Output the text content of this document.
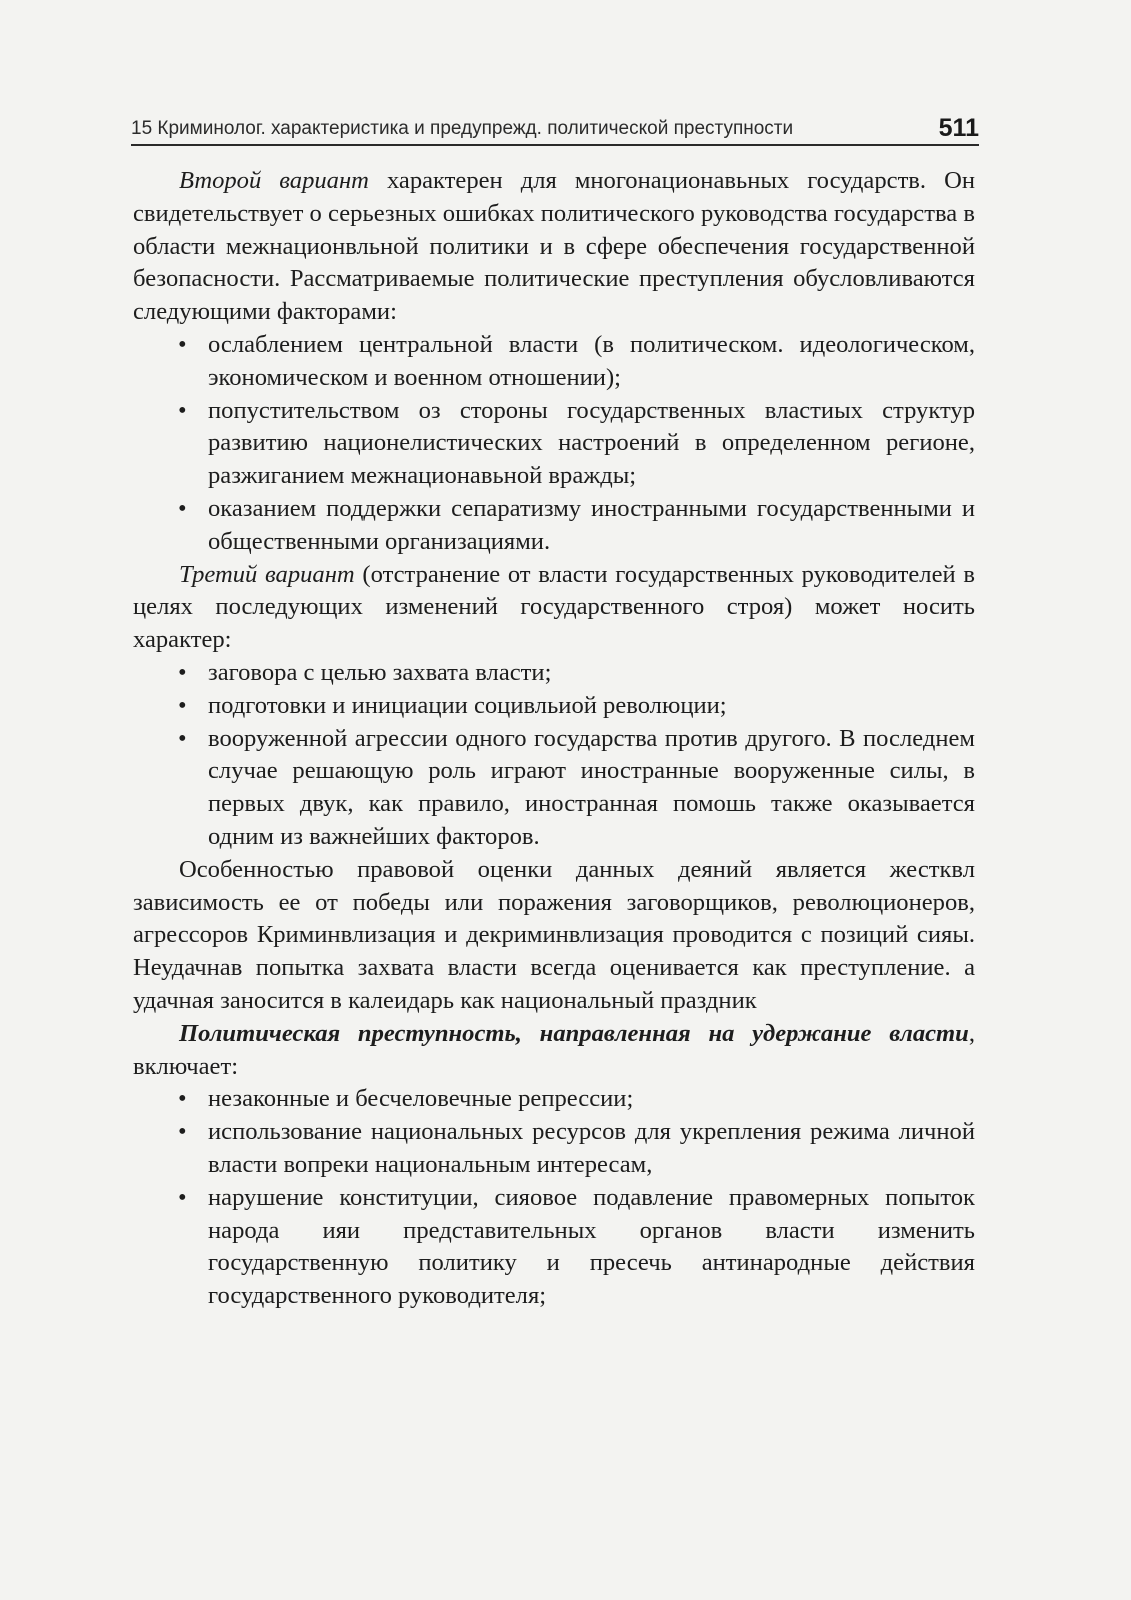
15 Криминолог. характеристика и предупрежд. политической преступности	511

Второй вариант характерен для многонационавьных государств. Он свидетельствует о серьезных ошибках политического руководства государства в области межнационвльной политики и в сфере обеспечения государственной безопасности. Рассматриваемые политические преступления обусловливаются следующими факторами:

• ослаблением центральной власти (в политическом. идеологическом, экономическом и военном отношении);
• попустительством оз стороны государственных властиых структур развитию национелистических настроений в определенном регионе, разжиганием межнационавьной вражды;
• оказанием поддержки сепаратизму иностранными государственными и общественными организациями.

Третий вариант (отстранение от власти государственных руководителей в целях последующих изменений государственного строя) может носить характер:

• заговора с целью захвата власти;
• подготовки и инициации социвльиой революции;
• вооруженной агрессии одного государства против другого. В последнем случае решающую роль играют иностранные вооруженные силы, в первых двук, как правило, иностранная помошь также оказывается одним из важнейших факторов.

Особенностью правовой оценки данных деяний является жестквл зависимость ее от победы или поражения заговорщиков, революционеров, агрессоров Криминвлизация и декриминвлизация проводится с позиций сияы. Неудачнав попытка захвата власти всегда оценивается как преступление. а удачная заносится в калеидарь как национальный праздник

Политическая преступность, направленная на удержание власти, включает:

• незаконные и бесчеловечные репрессии;
• использование национальных ресурсов для укрепления режима личной власти вопреки национальным интересам,
• нарушение конституции, сияовое подавление правомерных попыток народа ияи представительных органов власти изменить государственную политику и пресечь антинародные действия государственного руководителя;
